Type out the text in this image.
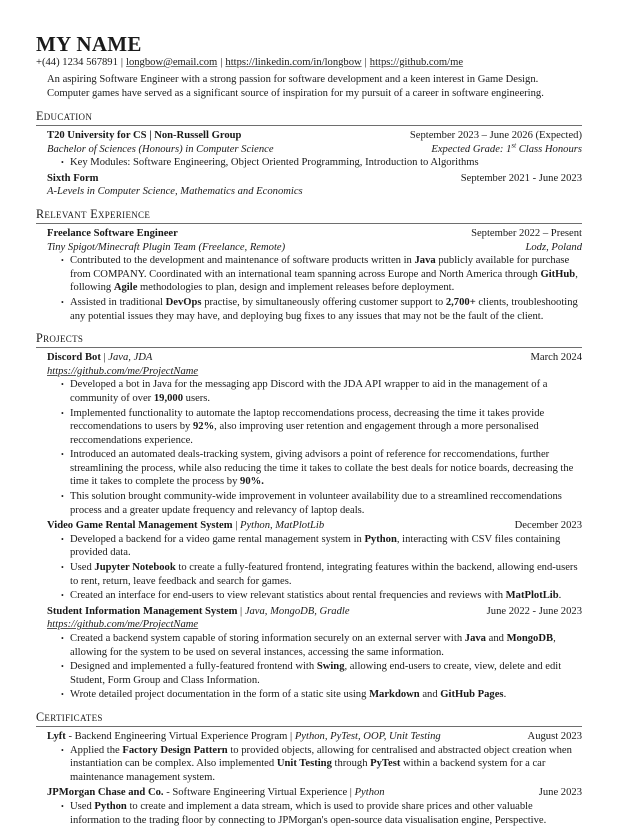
MY NAME
+(44) 1234 567891 | longbow@email.com | https://linkedin.com/in/longbow | https://github.com/me
An aspiring Software Engineer with a strong passion for software development and a keen interest in Game Design. Computer games have served as a significant source of inspiration for my pursuit of a career in software engineering.
Education
T20 University for CS | Non-Russell Group	September 2023 – June 2026 (Expected)
Bachelor of Sciences (Honours) in Computer Science	Expected Grade: 1st Class Honours
• Key Modules: Software Engineering, Object Oriented Programming, Introduction to Algorithms
Sixth Form	September 2021 - June 2023
A-Levels in Computer Science, Mathematics and Economics
Relevant Experience
Freelance Software Engineer	September 2022 – Present
Tiny Spigot/Minecraft Plugin Team (Freelance, Remote)	Lodz, Poland
• Contributed to the development and maintenance of software products written in Java publicly available for purchase from COMPANY. Coordinated with an international team spanning across Europe and North America through GitHub, following Agile methodologies to plan, design and implement releases before deployment.
• Assisted in traditional DevOps practise, by simultaneously offering customer support to 2,700+ clients, troubleshooting any potential issues they may have, and deploying bug fixes to any issues that may not be the fault of the client.
Projects
Discord Bot | Java, JDA	March 2024
https://github.com/me/ProjectName
• Developed a bot in Java for the messaging app Discord with the JDA API wrapper to aid in the management of a community of over 19,000 users.
• Implemented functionality to automate the laptop reccomendations process, decreasing the time it takes provide reccomendations to users by 92%, also improving user retention and engagement through a more personalised reccomendations experience.
• Introduced an automated deals-tracking system, giving advisors a point of reference for reccomendations, further streamlining the process, while also reducing the time it takes to collate the best deals for notice boards, decreasing the time it takes to complete the process by 90%.
• This solution brought community-wide improvement in volunteer availability due to a streamlined reccomendations process and a greater update frequency and relevancy of laptop deals.
Video Game Rental Management System | Python, MatPlotLib	December 2023
• Developed a backend for a video game rental management system in Python, interacting with CSV files containing provided data.
• Used Jupyter Notebook to create a fully-featured frontend, integrating features within the backend, allowing end-users to rent, return, leave feedback and search for games.
• Created an interface for end-users to view relevant statistics about rental frequencies and reviews with MatPlotLib.
Student Information Management System | Java, MongoDB, Gradle	June 2022 - June 2023
https://github.com/me/ProjectName
• Created a backend system capable of storing information securely on an external server with Java and MongoDB, allowing for the system to be used on several instances, accessing the same information.
• Designed and implemented a fully-featured frontend with Swing, allowing end-users to create, view, delete and edit Student, Form Group and Class Information.
• Wrote detailed project documentation in the form of a static site using Markdown and GitHub Pages.
Certificates
Lyft - Backend Engineering Virtual Experience Program | Python, PyTest, OOP, Unit Testing	August 2023
• Applied the Factory Design Pattern to provided objects, allowing for centralised and abstracted object creation when instantiation can be complex. Also implemented Unit Testing through PyTest within a backend system for a car maintenance management system.
JPMorgan Chase and Co. - Software Engineering Virtual Experience | Python	June 2023
• Used Python to create and implement a data stream, which is used to provide share prices and other valuable information to the trading floor by connecting to JPMorgan's open-source data visualisation engine, Perspective.
